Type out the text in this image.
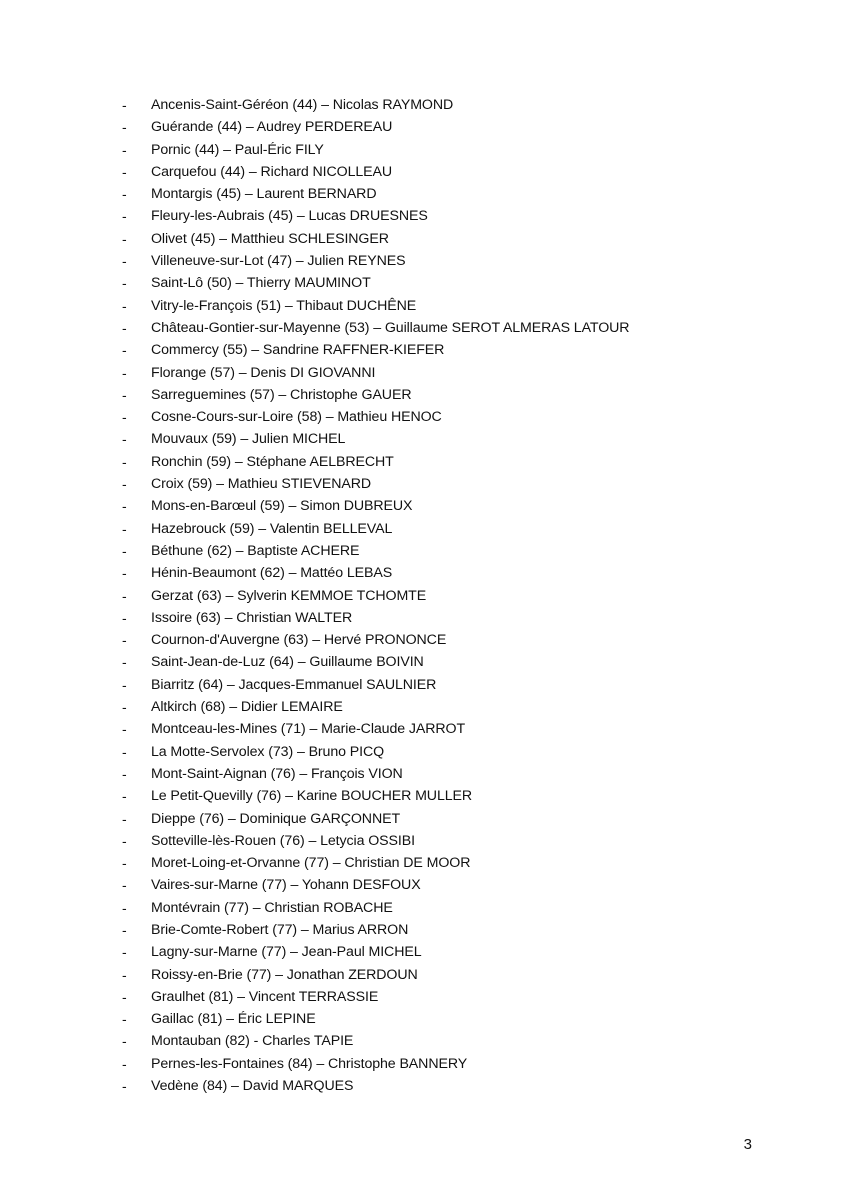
-	Ancenis-Saint-Géréon (44) – Nicolas RAYMOND
-	Guérande (44) – Audrey PERDEREAU
-	Pornic (44) – Paul-Éric FILY
-	Carquefou (44) – Richard NICOLLEAU
-	Montargis (45) – Laurent BERNARD
-	Fleury-les-Aubrais (45) – Lucas DRUESNES
-	Olivet (45) – Matthieu SCHLESINGER
-	Villeneuve-sur-Lot (47) – Julien REYNES
-	Saint-Lô (50) – Thierry MAUMINOT
-	Vitry-le-François (51) – Thibaut DUCHÊNE
-	Château-Gontier-sur-Mayenne (53) – Guillaume SEROT ALMERAS LATOUR
-	Commercy (55) – Sandrine RAFFNER-KIEFER
-	Florange (57) – Denis DI GIOVANNI
-	Sarreguemines (57) – Christophe GAUER
-	Cosne-Cours-sur-Loire (58) – Mathieu HENOC
-	Mouvaux (59) – Julien MICHEL
-	Ronchin (59) – Stéphane AELBRECHT
-	Croix (59) – Mathieu STIEVENARD
-	Mons-en-Barœul (59) – Simon DUBREUX
-	Hazebrouck (59) – Valentin BELLEVAL
-	Béthune (62) – Baptiste ACHERE
-	Hénin-Beaumont (62) – Mattéo LEBAS
-	Gerzat (63) – Sylverin KEMMOE TCHOMTE
-	Issoire (63) – Christian WALTER
-	Cournon-d'Auvergne (63) – Hervé PRONONCE
-	Saint-Jean-de-Luz (64) – Guillaume BOIVIN
-	Biarritz (64) – Jacques-Emmanuel SAULNIER
-	Altkirch (68) – Didier LEMAIRE
-	Montceau-les-Mines (71) – Marie-Claude JARROT
-	La Motte-Servolex (73) – Bruno PICQ
-	Mont-Saint-Aignan (76) – François VION
-	Le Petit-Quevilly (76) – Karine BOUCHER MULLER
-	Dieppe (76) – Dominique GARÇONNET
-	Sotteville-lès-Rouen (76) – Letycia OSSIBI
-	Moret-Loing-et-Orvanne (77) – Christian DE MOOR
-	Vaires-sur-Marne (77) – Yohann DESFOUX
-	Montévrain (77) – Christian ROBACHE
-	Brie-Comte-Robert (77) – Marius ARRON
-	Lagny-sur-Marne (77) – Jean-Paul MICHEL
-	Roissy-en-Brie (77) – Jonathan ZERDOUN
-	Graulhet (81) – Vincent TERRASSIE
-	Gaillac (81) – Éric LEPINE
-	Montauban (82) - Charles TAPIE
-	Pernes-les-Fontaines (84) – Christophe BANNERY
-	Vedène (84) – David MARQUES
3
